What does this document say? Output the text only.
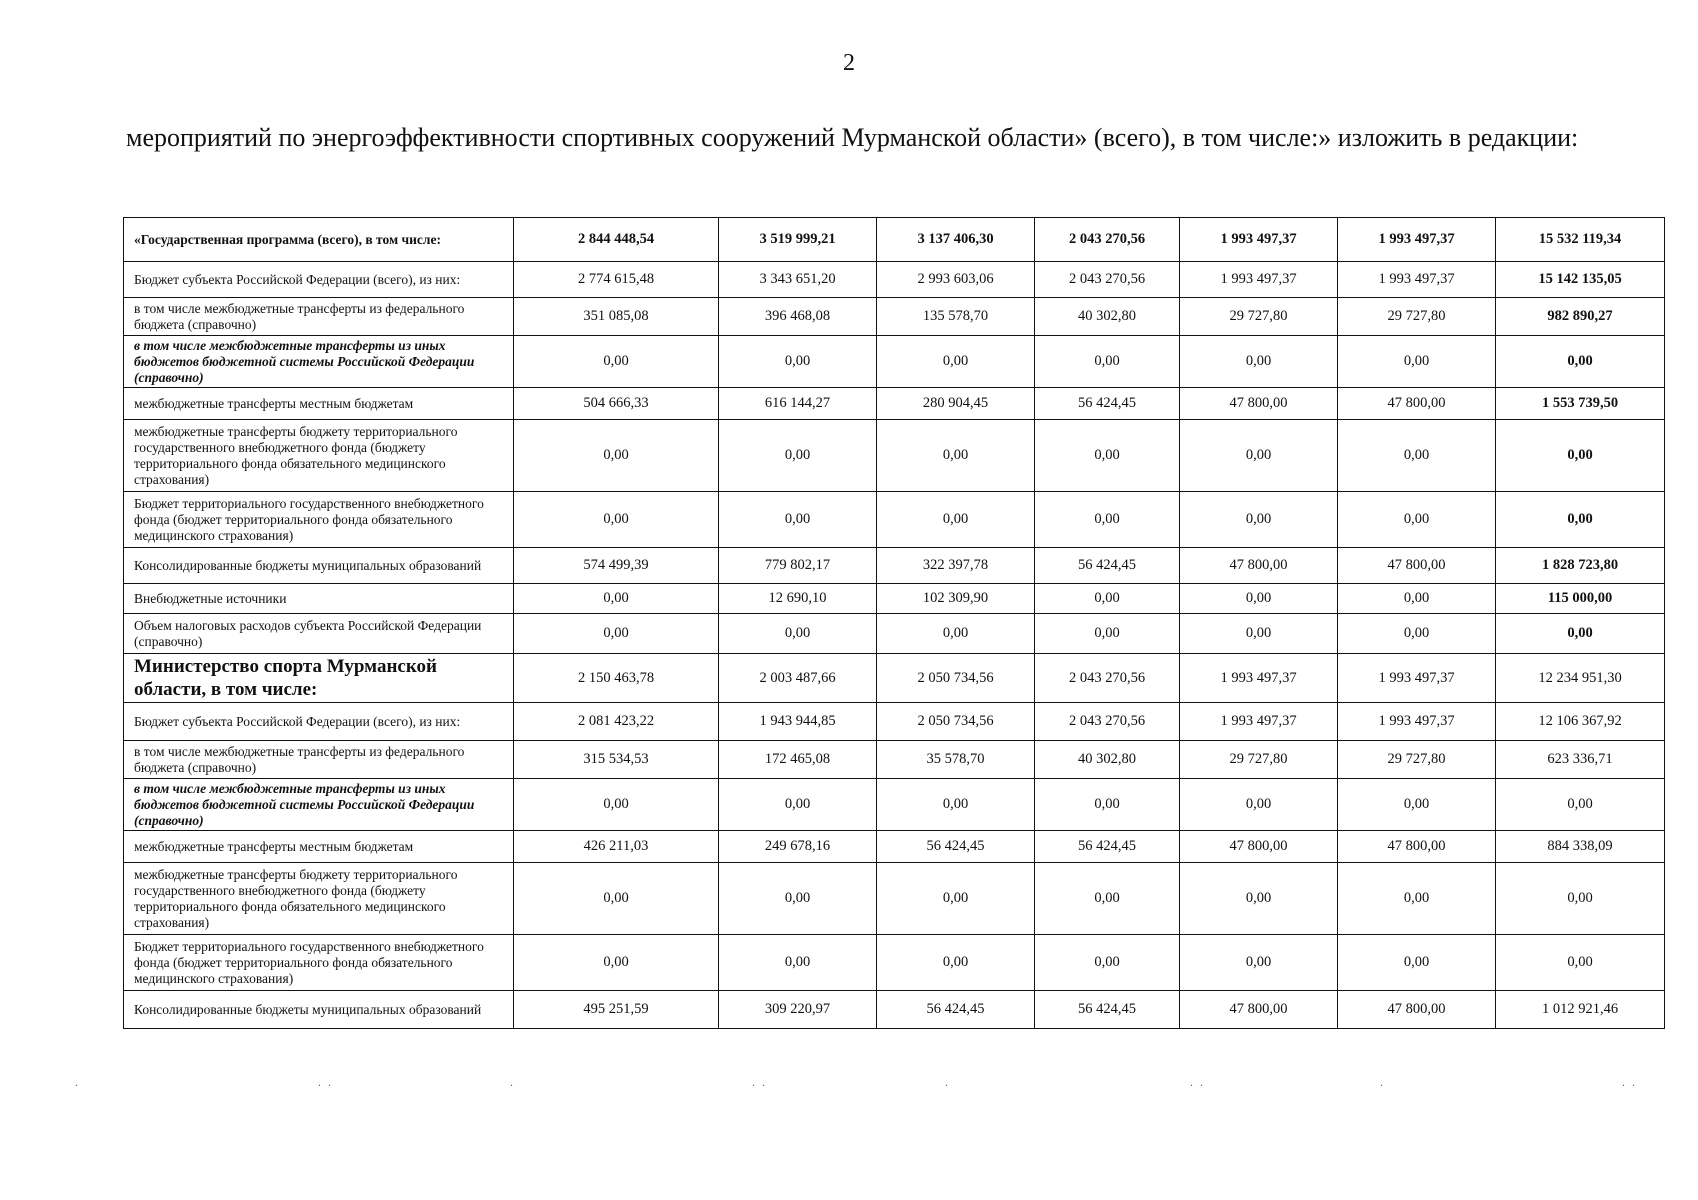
2
мероприятий по энергоэффективности спортивных сооружений Мурманской области» (всего), в том числе:» изложить в редакции:
«Государственная программа (всего), в том числе:	2 844 448,54	3 519 999,21	3 137 406,30	2 043 270,56	1 993 497,37	1 993 497,37	15 532 119,34
Бюджет субъекта Российской Федерации (всего), из них:	2 774 615,48	3 343 651,20	2 993 603,06	2 043 270,56	1 993 497,37	1 993 497,37	15 142 135,05
в том числе межбюджетные трансферты из федерального бюджета (справочно)	351 085,08	396 468,08	135 578,70	40 302,80	29 727,80	29 727,80	982 890,27
в том числе межбюджетные трансферты из иных бюджетов бюджетной системы Российской Федерации (справочно)	0,00	0,00	0,00	0,00	0,00	0,00	0,00
межбюджетные трансферты местным бюджетам	504 666,33	616 144,27	280 904,45	56 424,45	47 800,00	47 800,00	1 553 739,50
межбюджетные трансферты бюджету территориального государственного внебюджетного фонда (бюджету территориального фонда обязательного медицинского страхования)	0,00	0,00	0,00	0,00	0,00	0,00	0,00
Бюджет территориального государственного внебюджетного фонда (бюджет территориального фонда обязательного медицинского страхования)	0,00	0,00	0,00	0,00	0,00	0,00	0,00
Консолидированные бюджеты муниципальных образований	574 499,39	779 802,17	322 397,78	56 424,45	47 800,00	47 800,00	1 828 723,80
Внебюджетные источники	0,00	12 690,10	102 309,90	0,00	0,00	0,00	115 000,00
Объем налоговых расходов субъекта Российской Федерации (справочно)	0,00	0,00	0,00	0,00	0,00	0,00	0,00
Министерство спорта Мурманской области, в том числе:	2 150 463,78	2 003 487,66	2 050 734,56	2 043 270,56	1 993 497,37	1 993 497,37	12 234 951,30
Бюджет субъекта Российской Федерации (всего), из них:	2 081 423,22	1 943 944,85	2 050 734,56	2 043 270,56	1 993 497,37	1 993 497,37	12 106 367,92
в том числе межбюджетные трансферты из федерального бюджета (справочно)	315 534,53	172 465,08	35 578,70	40 302,80	29 727,80	29 727,80	623 336,71
в том числе межбюджетные трансферты из иных бюджетов бюджетной системы Российской Федерации (справочно)	0,00	0,00	0,00	0,00	0,00	0,00	0,00
межбюджетные трансферты местным бюджетам	426 211,03	249 678,16	56 424,45	56 424,45	47 800,00	47 800,00	884 338,09
межбюджетные трансферты бюджету территориального государственного внебюджетного фонда (бюджету территориального фонда обязательного медицинского страхования)	0,00	0,00	0,00	0,00	0,00	0,00	0,00
Бюджет территориального государственного внебюджетного фонда (бюджет территориального фонда обязательного медицинского страхования)	0,00	0,00	0,00	0,00	0,00	0,00	0,00
Консолидированные бюджеты муниципальных образований	495 251,59	309 220,97	56 424,45	56 424,45	47 800,00	47 800,00	1 012 921,46
.	. .	.	. .	.	. .	.	. .
